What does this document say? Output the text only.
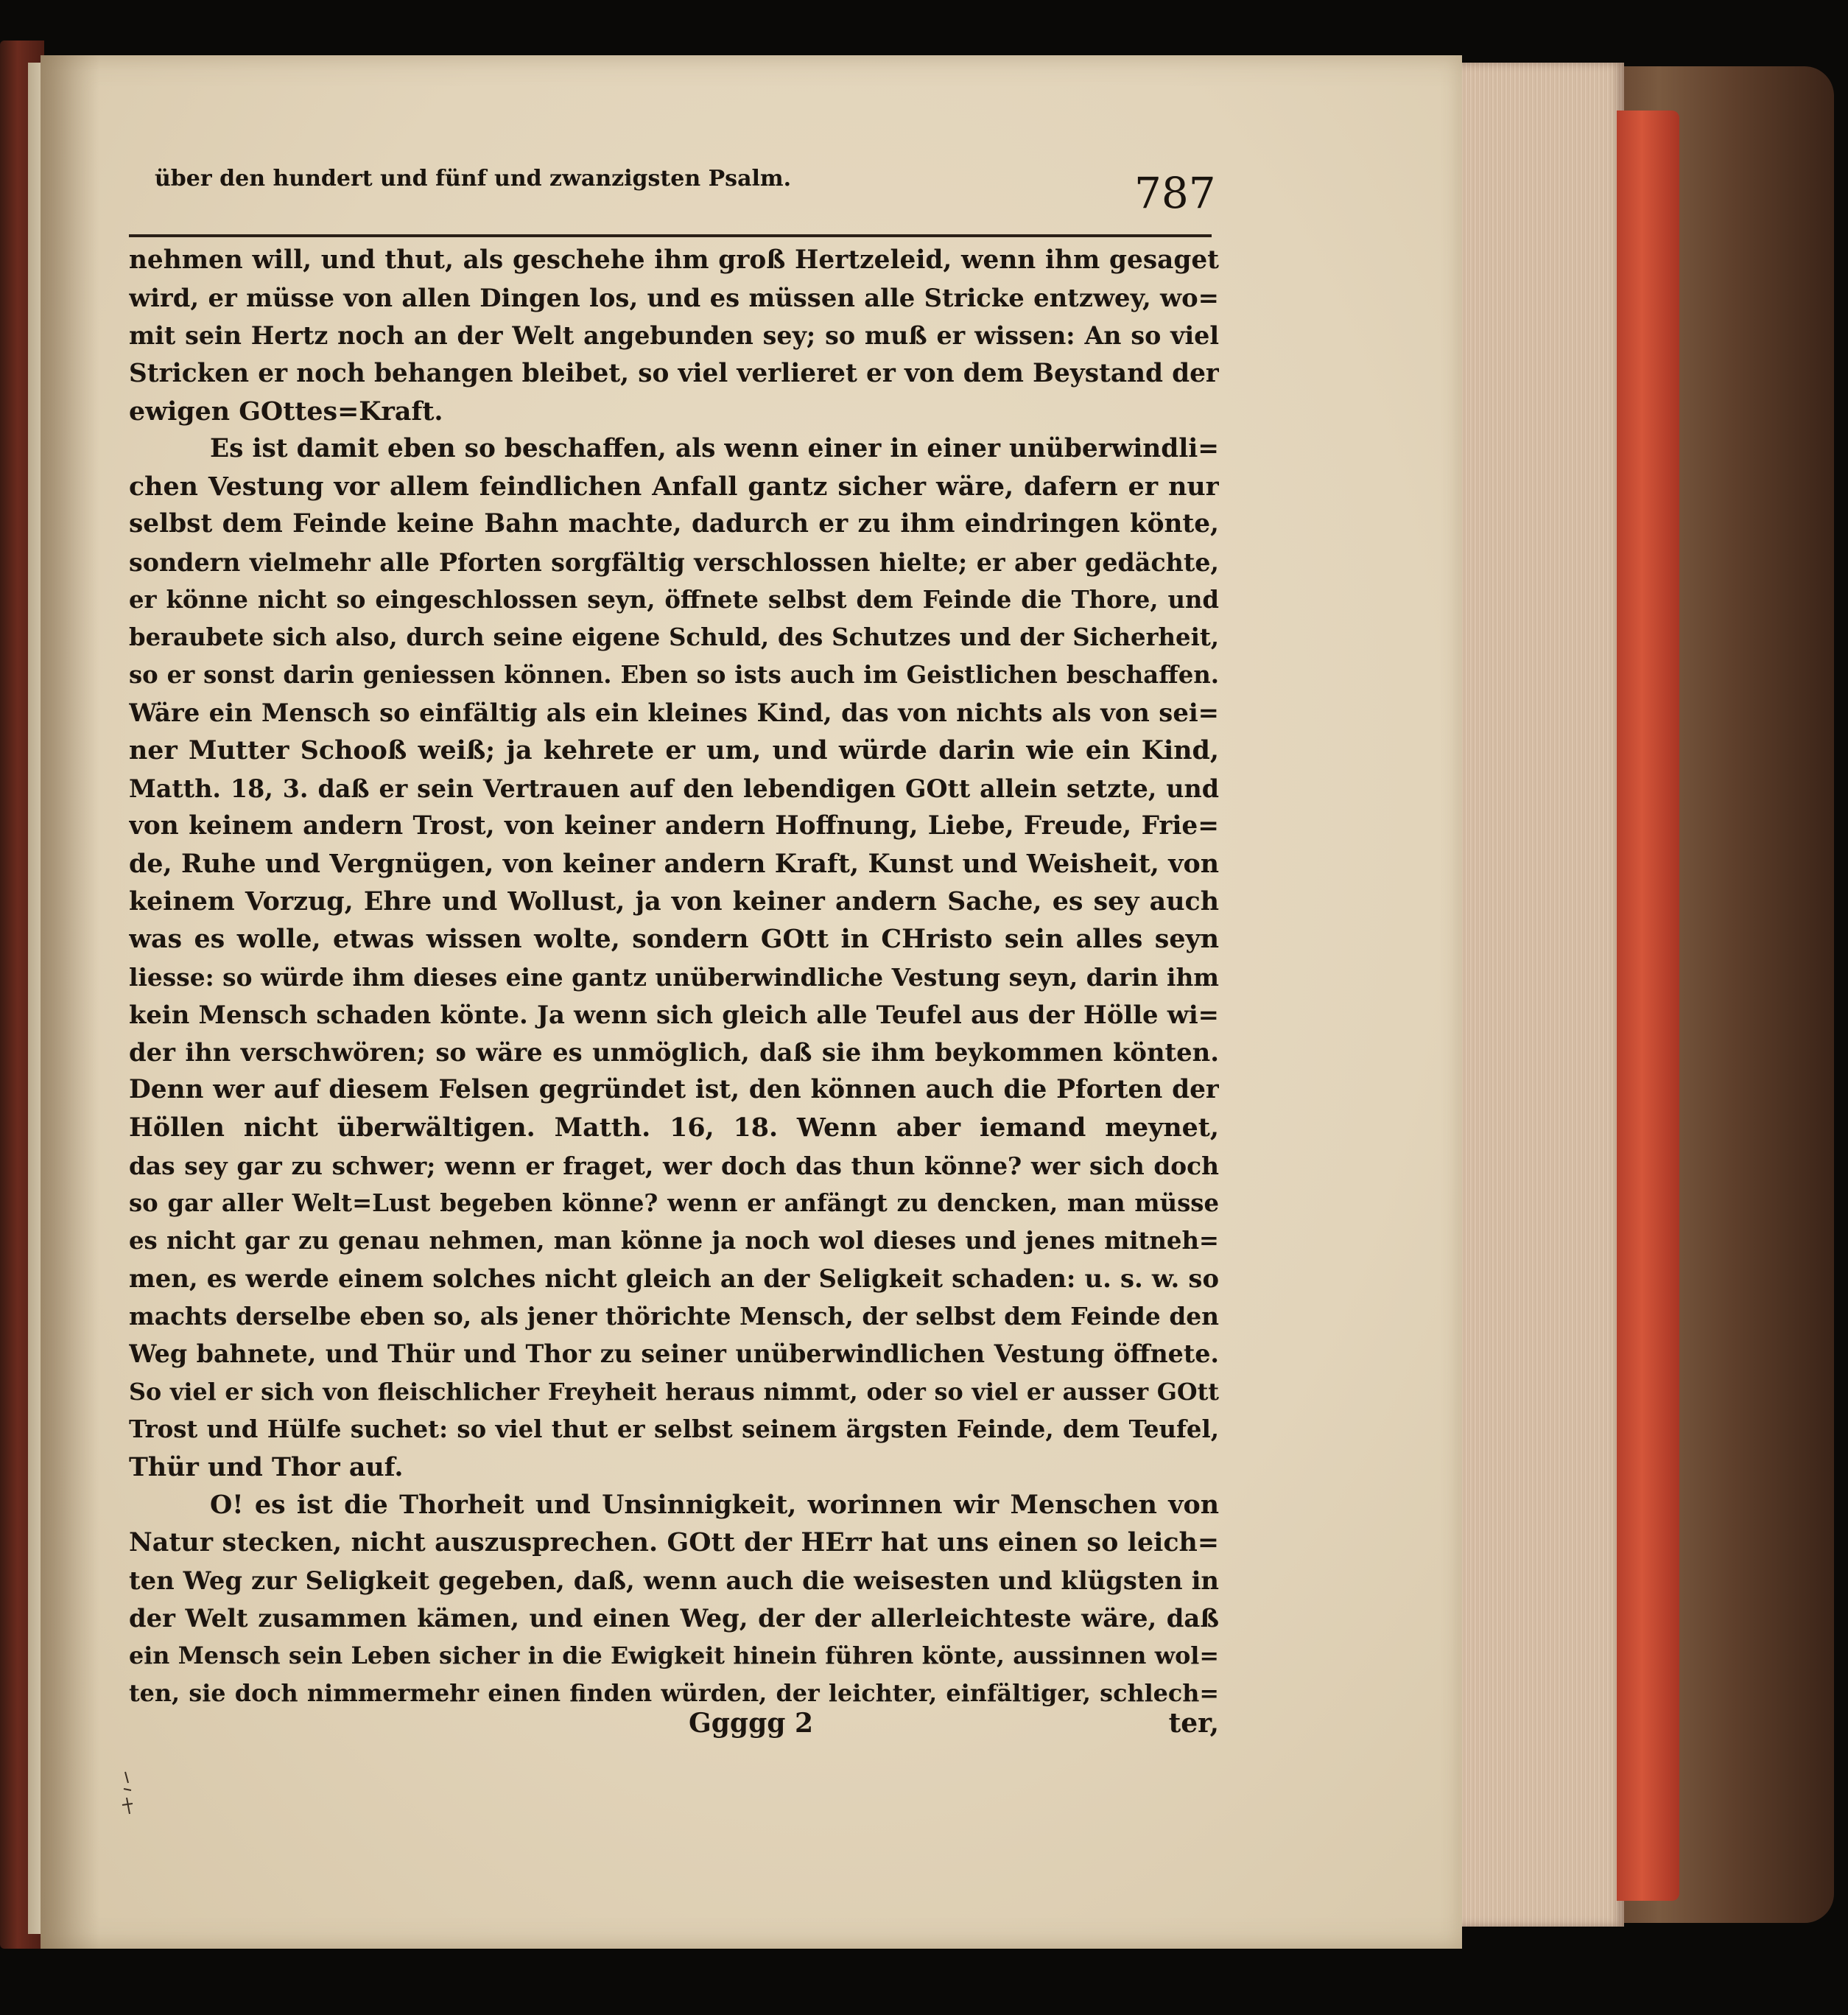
über den hundert und fünf und zwanzigsten Psalm.	787
nehmen will, und thut, als geschehe ihm groß Hertzeleid, wenn ihm gesaget
wird, er müsse von allen Dingen los, und es müssen alle Stricke entzwey, wo=
mit sein Hertz noch an der Welt angebunden sey; so muß er wissen: An so viel
Stricken er noch behangen bleibet, so viel verlieret er von dem Beystand der
ewigen GOttes=Kraft.
Es ist damit eben so beschaffen, als wenn einer in einer unüberwindli=
chen Vestung vor allem feindlichen Anfall gantz sicher wäre, dafern er nur
selbst dem Feinde keine Bahn machte, dadurch er zu ihm eindringen könte,
sondern vielmehr alle Pforten sorgfältig verschlossen hielte; er aber gedächte,
er könne nicht so eingeschlossen seyn, öffnete selbst dem Feinde die Thore, und
beraubete sich also, durch seine eigene Schuld, des Schutzes und der Sicherheit,
so er sonst darin geniessen können. Eben so ists auch im Geistlichen beschaffen.
Wäre ein Mensch so einfältig als ein kleines Kind, das von nichts als von sei=
ner Mutter Schooß weiß; ja kehrete er um, und würde darin wie ein Kind,
Matth. 18, 3. daß er sein Vertrauen auf den lebendigen GOtt allein setzte, und
von keinem andern Trost, von keiner andern Hoffnung, Liebe, Freude, Frie=
de, Ruhe und Vergnügen, von keiner andern Kraft, Kunst und Weisheit, von
keinem Vorzug, Ehre und Wollust, ja von keiner andern Sache, es sey auch
was es wolle, etwas wissen wolte, sondern GOtt in CHristo sein alles seyn
liesse: so würde ihm dieses eine gantz unüberwindliche Vestung seyn, darin ihm
kein Mensch schaden könte. Ja wenn sich gleich alle Teufel aus der Hölle wi=
der ihn verschwören; so wäre es unmöglich, daß sie ihm beykommen könten.
Denn wer auf diesem Felsen gegründet ist, den können auch die Pforten der
Höllen nicht überwältigen. Matth. 16, 18. Wenn aber iemand meynet,
das sey gar zu schwer; wenn er fraget, wer doch das thun könne? wer sich doch
so gar aller Welt=Lust begeben könne? wenn er anfängt zu dencken, man müsse
es nicht gar zu genau nehmen, man könne ja noch wol dieses und jenes mitneh=
men, es werde einem solches nicht gleich an der Seligkeit schaden: u. s. w. so
machts derselbe eben so, als jener thörichte Mensch, der selbst dem Feinde den
Weg bahnete, und Thür und Thor zu seiner unüberwindlichen Vestung öffnete.
So viel er sich von fleischlicher Freyheit heraus nimmt, oder so viel er ausser GOtt
Trost und Hülfe suchet: so viel thut er selbst seinem ärgsten Feinde, dem Teufel,
Thür und Thor auf.
O! es ist die Thorheit und Unsinnigkeit, worinnen wir Menschen von
Natur stecken, nicht auszusprechen. GOtt der HErr hat uns einen so leich=
ten Weg zur Seligkeit gegeben, daß, wenn auch die weisesten und klügsten in
der Welt zusammen kämen, und einen Weg, der der allerleichteste wäre, daß
ein Mensch sein Leben sicher in die Ewigkeit hinein führen könte, aussinnen wol=
ten, sie doch nimmermehr einen finden würden, der leichter, einfältiger, schlech=
Ggggg 2	ter,
